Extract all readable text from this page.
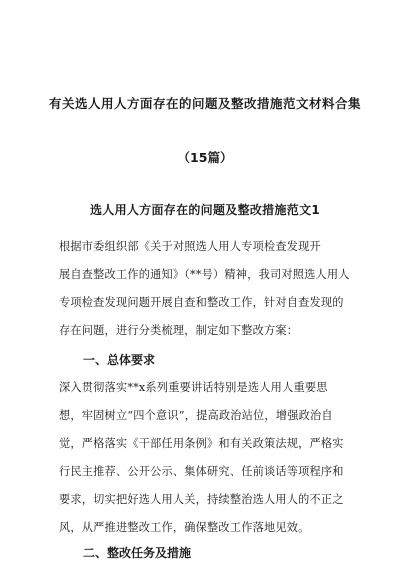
有关选人用人方面存在的问题及整改措施范文材料合集
（15篇）
选人用人方面存在的问题及整改措施范文1
根据市委组织部《关于对照选人用人专项检查发现开
展自查整改工作的通知》（**号）精神，我司对照选人用人
专项检查发现问题开展自查和整改工作，针对自查发现的
存在问题，进行分类梳理，制定如下整改方案：
一、总体要求
深入贯彻落实**x系列重要讲话特别是选人用人重要思
想，牢固树立“四个意识”，提高政治站位，增强政治自
觉，严格落实《干部任用条例》和有关政策法规，严格实
行民主推荐、公开公示、集体研究、任前谈话等项程序和
要求，切实把好选人用人关，持续整治选人用人的不正之
风，从严推进整改工作，确保整改工作落地见效。
二、整改任务及措施
